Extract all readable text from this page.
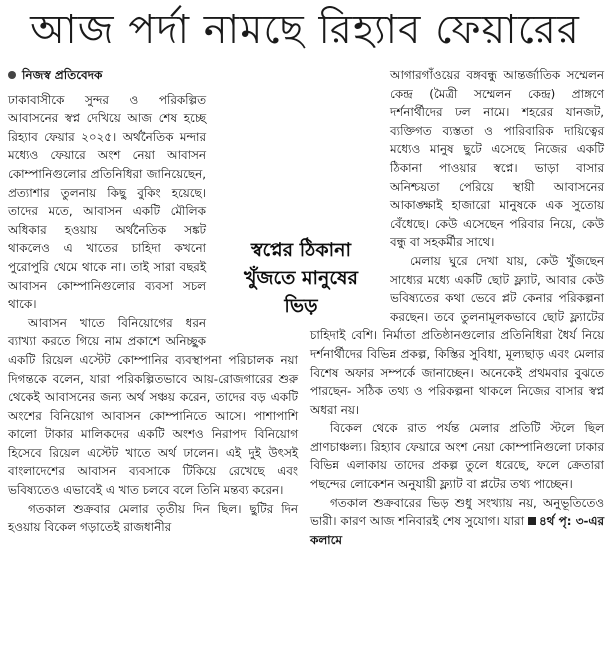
আজ পর্দা নামছে রিহ্যাব ফেয়ারের
নিজস্ব প্রতিবেদক

ঢাকাবাসীকে সুন্দর ও পরিকল্পিত আবাসনের স্বপ্ন দেখিয়ে আজ শেষ হচ্ছে রিহ্যাব ফেয়ার ২০২৫। অর্থনৈতিক মন্দার মধ্যেও ফেয়ারে অংশ নেয়া আবাসন কোম্পানিগুলোর প্রতিনিধিরা জানিয়েছেন, প্রত্যাশার তুলনায় কিছু বুকিং হয়েছে। তাদের মতে, আবাসন একটি মৌলিক অধিকার হওয়ায় অর্থনৈতিক সঙ্কট থাকলেও এ খাতের চাহিদা কখনো পুরোপুরি থেমে থাকে না। তাই সারা বছরই আবাসন কোম্পানিগুলোর ব্যবসা সচল থাকে।

আবাসন খাতে বিনিয়োগের ধরন ব্যাখ্যা করতে গিয়ে নাম প্রকাশে অনিচ্ছুক একটি রিয়েল এস্টেট কোম্পানির ব্যবস্থাপনা পরিচালক নয়া দিগন্তকে বলেন, যারা পরিকল্পিতভাবে আয়-রোজগারের শুরু থেকেই আবাসনের জন্য অর্থ সঞ্চয় করেন, তাদের বড় একটি অংশের বিনিয়োগ আবাসন কোম্পানিতে আসে। পাশাপাশি কালো টাকার মালিকদের একটি অংশও নিরাপদ বিনিয়োগ হিসেবে রিয়েল এস্টেট খাতে অর্থ ঢালেন। এই দুই উৎসই বাংলাদেশের আবাসন ব্যবসাকে টিকিয়ে রেখেছে এবং ভবিষ্যতেও এভাবেই এ খাত চলবে বলে তিনি মন্তব্য করেন।

গতকাল শুক্রবার মেলার তৃতীয় দিন ছিল। ছুটির দিন হওয়ায় বিকেল গড়াতেই রাজধানীর

আগারগাঁওয়ের বঙ্গবন্ধু আন্তর্জাতিক সম্মেলন কেন্দ্র (মৈত্রী সম্মেলন কেন্দ্র) প্রাঙ্গণে দর্শনার্থীদের ঢল নামে। শহরের যানজট, ব্যক্তিগত ব্যস্ততা ও পারিবারিক দায়িত্বের মধ্যেও মানুষ ছুটে এসেছে নিজের একটি ঠিকানা পাওয়ার স্বপ্নে। ভাড়া বাসার অনিশ্চয়তা পেরিয়ে স্থায়ী আবাসনের আকাঙ্ক্ষাই হাজারো মানুষকে এক সুতোয় বেঁধেছে। কেউ এসেছেন পরিবার নিয়ে, কেউ বন্ধু বা সহকর্মীর সাথে।

মেলায় ঘুরে দেখা যায়, কেউ খুঁজছেন সাধ্যের মধ্যে একটি ছোট ফ্ল্যাট, আবার কেউ ভবিষ্যতের কথা ভেবে প্লট কেনার পরিকল্পনা করছেন। তবে তুলনামূলকভাবে ছোট ফ্ল্যাটের চাহিদাই বেশি। নির্মাতা প্রতিষ্ঠানগুলোর প্রতিনিধিরা ধৈর্য নিয়ে দর্শনার্থীদের বিভিন্ন প্রকল্প, কিস্তির সুবিধা, মূল্যছাড় এবং মেলার বিশেষ অফার সম্পর্কে জানাচ্ছেন। অনেকেই প্রথমবার বুঝতে পারছেন- সঠিক তথ্য ও পরিকল্পনা থাকলে নিজের বাসার স্বপ্ন অধরা নয়।

বিকেল থেকে রাত পর্যন্ত মেলার প্রতিটি স্টলে ছিল প্রাণচাঞ্চল্য। রিহ্যাব ফেয়ারে অংশ নেয়া কোম্পানিগুলো ঢাকার বিভিন্ন এলাকায় তাদের প্রকল্প তুলে ধরেছে, ফলে ক্রেতারা পছন্দের লোকেশন অনুযায়ী ফ্ল্যাট বা প্লটের তথ্য পাচ্ছেন।

গতকাল শুক্রবারের ভিড় শুধু সংখ্যায় নয়, অনুভূতিতেও ভারী। কারণ আজ শনিবারই শেষ সুযোগ। যারা ৪র্থ পৃ: ৩-এর কলামে

স্বপ্নের ঠিকানা
খুঁজতে মানুষের
ভিড়
